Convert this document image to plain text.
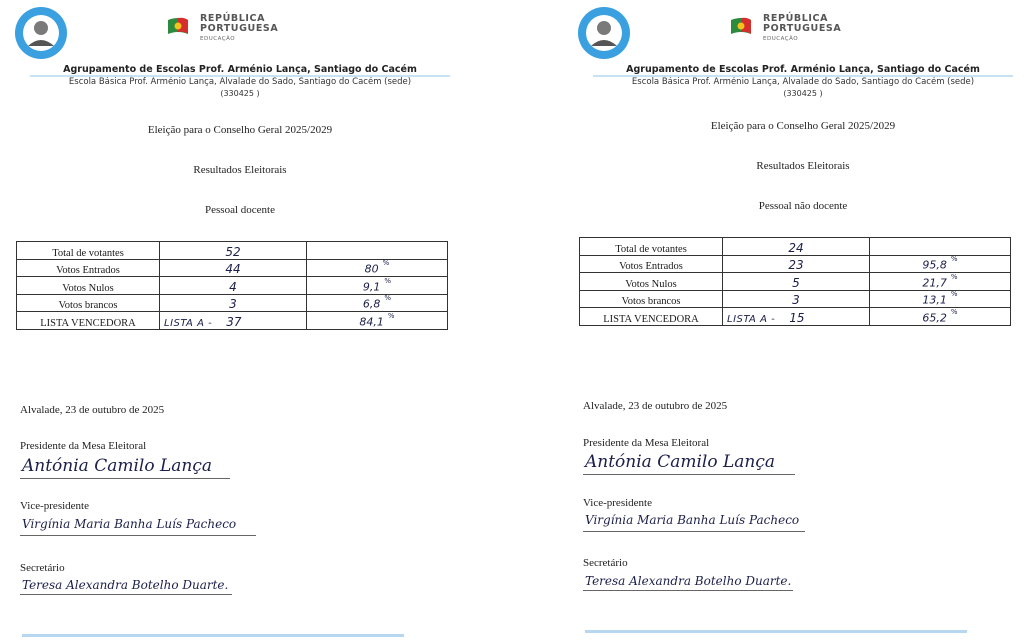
REPÚBLICA
PORTUGUESA
EDUCAÇÃO
Agrupamento de Escolas Prof. Arménio Lança, Santiago do Cacém
Escola Básica Prof. Arménio Lança, Alvalade do Sado, Santiago do Cacém (sede)
(330425 )
Eleição para o Conselho Geral 2025/2029
Resultados Eleitorais
Pessoal docente
Total de votantes	52	
Votos Entrados	44	80 %
Votos Nulos	4	9,1 %
Votos brancos	3	6,8 %
LISTA VENCEDORA	LISTA A - 37	84,1 %
Alvalade, 23 de outubro de 2025
Presidente da Mesa Eleitoral
Antónia Camilo Lança
Vice-presidente
Virgínia Maria Banha Luís Pacheco
Secretário
Teresa Alexandra Botelho Duarte.
REPÚBLICA
PORTUGUESA
EDUCAÇÃO
Agrupamento de Escolas Prof. Arménio Lança, Santiago do Cacém
Escola Básica Prof. Arménio Lança, Alvalade do Sado, Santiago do Cacém (sede)
(330425 )
Eleição para o Conselho Geral 2025/2029
Resultados Eleitorais
Pessoal não docente
Total de votantes	24	
Votos Entrados	23	95,8 %
Votos Nulos	5	21,7 %
Votos brancos	3	13,1 %
LISTA VENCEDORA	LISTA A - 15	65,2 %
Alvalade, 23 de outubro de 2025
Presidente da Mesa Eleitoral
Antónia Camilo Lança
Vice-presidente
Virgínia Maria Banha Luís Pacheco
Secretário
Teresa Alexandra Botelho Duarte.
